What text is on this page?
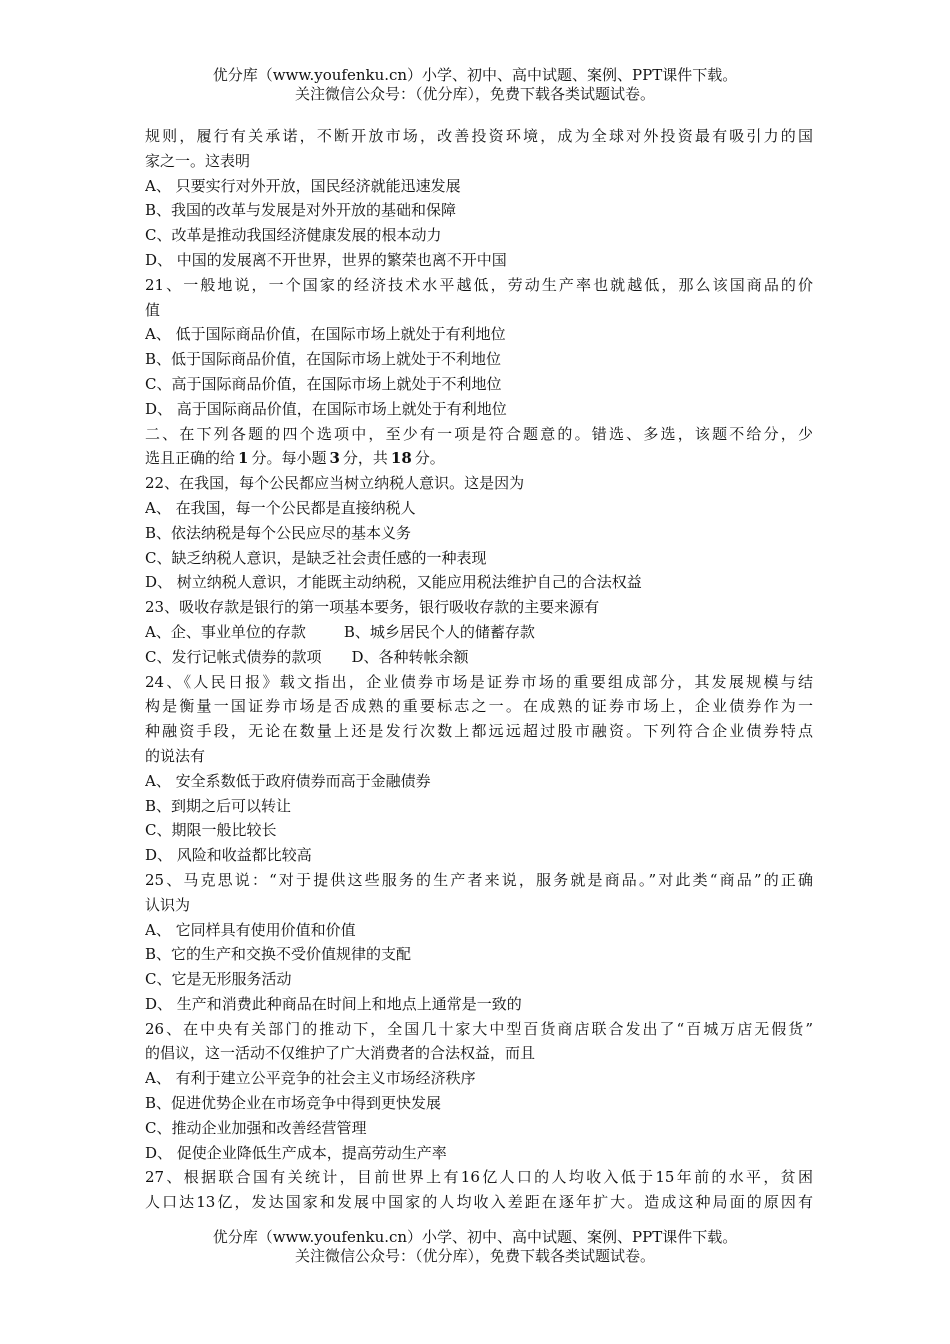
优分库（www.youfenku.cn）小学、初中、高中试题、案例、PPT课件下载。
关注微信公众号：（优分库），免费下载各类试题试卷。
规则，履行有关承诺，不断开放市场，改善投资环境，成为全球对外投资最有吸引力的国
家之一。这表明
A、 只要实行对外开放，国民经济就能迅速发展
B、我国的改革与发展是对外开放的基础和保障
C、改革是推动我国经济健康发展的根本动力
D、 中国的发展离不开世界，世界的繁荣也离不开中国
21、一般地说，一个国家的经济技术水平越低，劳动生产率也就越低，那么该国商品的价
值
A、 低于国际商品价值，在国际市场上就处于有利地位
B、低于国际商品价值，在国际市场上就处于不利地位
C、高于国际商品价值，在国际市场上就处于不利地位
D、 高于国际商品价值，在国际市场上就处于有利地位
二、在下列各题的四个选项中，至少有一项是符合题意的。错选、多选，该题不给分，少
选且正确的给  1  分。每小题  3  分，共  18  分。
22、在我国，每个公民都应当树立纳税人意识。这是因为
A、 在我国，每一个公民都是直接纳税人
B、依法纳税是每个公民应尽的基本义务
C、缺乏纳税人意识，是缺乏社会责任感的一种表现
D、 树立纳税人意识，才能既主动纳税，又能应用税法维护自己的合法权益
23、吸收存款是银行的第一项基本要务，银行吸收存款的主要来源有
A、企、事业单位的存款	B、城乡居民个人的储蓄存款
C、发行记帐式债券的款项 D、各种转帐余额
24、《人民日报》载文指出，企业债券市场是证券市场的重要组成部分，其发展规模与结
构是衡量一国证券市场是否成熟的重要标志之一。在成熟的证券市场上，企业债券作为一
种融资手段，无论在数量上还是发行次数上都远远超过股市融资。下列符合企业债券特点
的说法有
A、 安全系数低于政府债券而高于金融债券
B、到期之后可以转让
C、期限一般比较长
D、 风险和收益都比较高
25、马克思说：“对于提供这些服务的生产者来说，服务就是商品。”对此类“商品”的正确
认识为
A、 它同样具有使用价值和价值
B、它的生产和交换不受价值规律的支配
C、它是无形服务活动
D、 生产和消费此种商品在时间上和地点上通常是一致的
26、在中央有关部门的推动下，全国几十家大中型百货商店联合发出了“百城万店无假货”
的倡议，这一活动不仅维护了广大消费者的合法权益，而且
A、 有利于建立公平竞争的社会主义市场经济秩序
B、促进优势企业在市场竞争中得到更快发展
C、推动企业加强和改善经营管理
D、 促使企业降低生产成本，提高劳动生产率
27、根据联合国有关统计，目前世界上有16亿人口的人均收入低于15年前的水平，贫困
人口达13亿，发达国家和发展中国家的人均收入差距在逐年扩大。造成这种局面的原因有
优分库（www.youfenku.cn）小学、初中、高中试题、案例、PPT课件下载。
关注微信公众号：（优分库），免费下载各类试题试卷。
